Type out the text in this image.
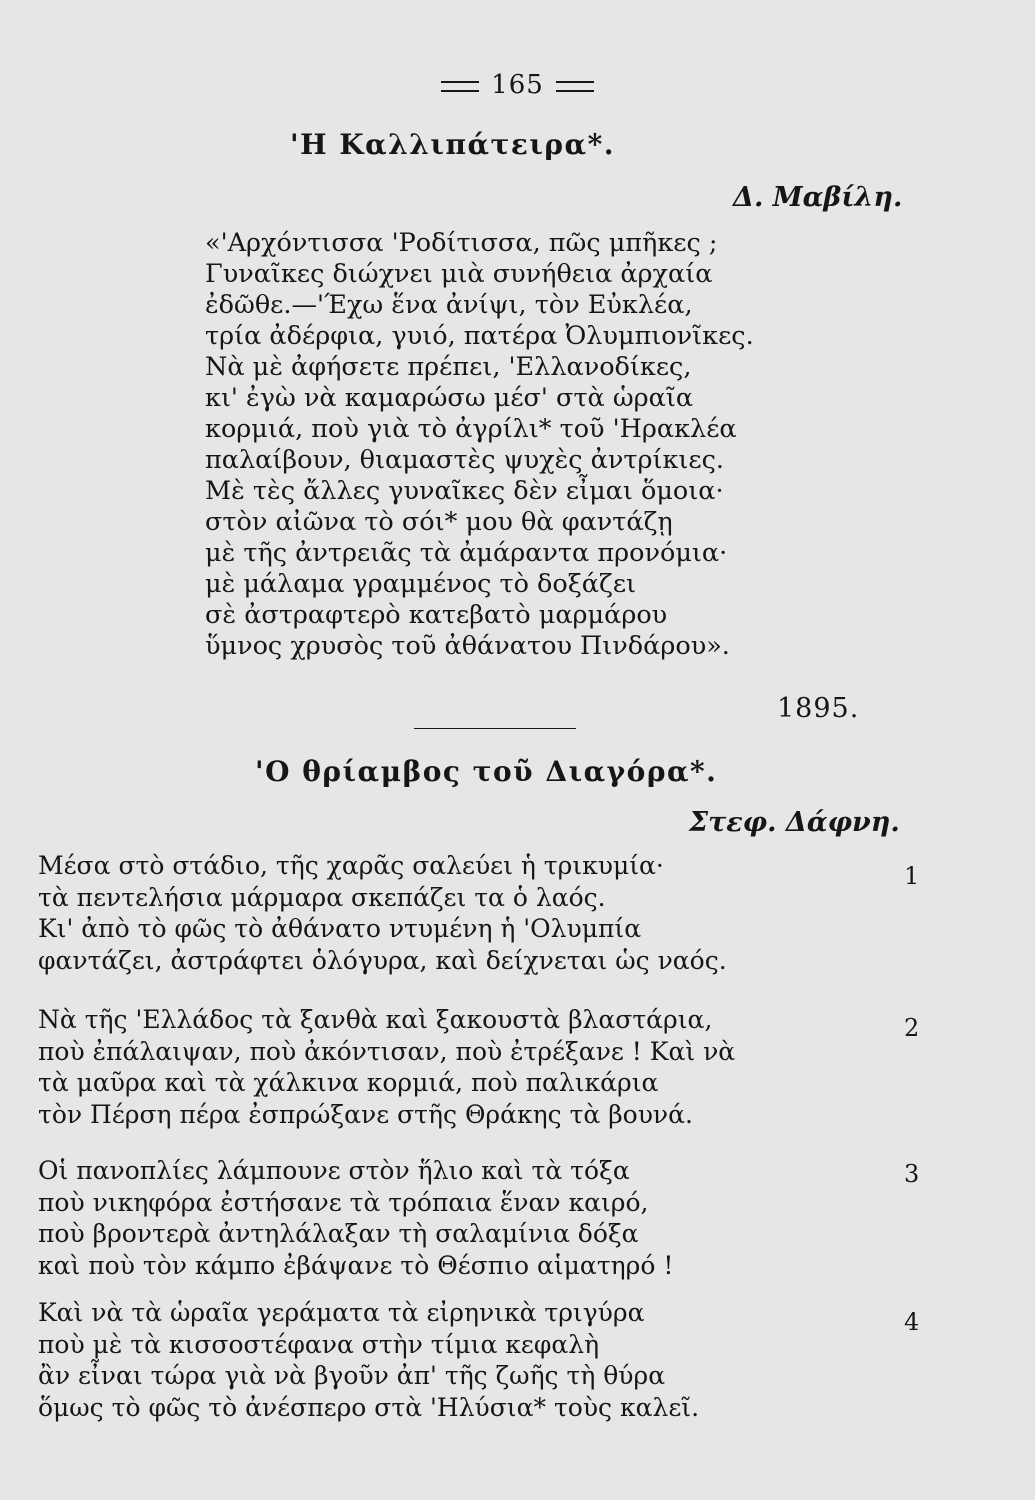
165
'Η Καλλιπάτειρα*.
Δ. Μαβίλη.
«'Αρχόντισσα 'Ροδίτισσα, πῶς μπῆκες ;
Γυναῖκες διώχνει μιὰ συνήθεια ἀρχαία
ἐδῶθε.—'Έχω ἕνα ἀνίψι, τὸν Εὐκλέα,
τρία ἀδέρφια, γυιό, πατέρα Ὀλυμπιονῖκες.
Νὰ μὲ ἀφήσετε πρέπει, 'Ελλανοδίκες,
κι' ἐγὼ νὰ καμαρώσω μέσ' στὰ ὡραῖα
κορμιά, ποὺ γιὰ τὸ ἀγρίλι* τοῦ 'Ηρακλέα
παλαίβουν, θιαμαστὲς ψυχὲς ἀντρίκιες.
Μὲ τὲς ἄλλες γυναῖκες δὲν εἶμαι ὅμοια·
στὸν αἰῶνα τὸ σόι* μου θὰ φαντάζῃ
μὲ τῆς ἀντρειᾶς τὰ ἀμάραντα προνόμια·
μὲ μάλαμα γραμμένος τὸ δοξάζει
σὲ ἀστραφτερὸ κατεβατὸ μαρμάρου
ὕμνος χρυσὸς τοῦ ἀθάνατου Πινδάρου».
1895.
'Ο θρίαμβος τοῦ Διαγόρα*.
Στεφ. Δάφνη.
Μέσα στὸ στάδιο, τῆς χαρᾶς σαλεύει ἡ τρικυμία·
τὰ πεντελήσια μάρμαρα σκεπάζει τα ὁ λαός.
Κι' ἀπὸ τὸ φῶς τὸ ἀθάνατο ντυμένη ἡ 'Ολυμπία
φαντάζει, ἀστράφτει ὁλόγυρα, καὶ δείχνεται ὡς ναός.
1
Νὰ τῆς 'Ελλάδος τὰ ξανθὰ καὶ ξακουστὰ βλαστάρια,
ποὺ ἐπάλαιψαν, ποὺ ἀκόντισαν, ποὺ ἐτρέξανε ! Καὶ νὰ
τὰ μαῦρα καὶ τὰ χάλκινα κορμιά, ποὺ παλικάρια
τὸν Πέρση πέρα ἐσπρώξανε στῆς Θράκης τὰ βουνά.
2
Οἱ πανοπλίες λάμπουνε στὸν ἥλιο καὶ τὰ τόξα
ποὺ νικηφόρα ἐστήσανε τὰ τρόπαια ἕναν καιρό,
ποὺ βροντερὰ ἀντηλάλαξαν τὴ σαλαμίνια δόξα
καὶ ποὺ τὸν κάμπο ἐβάψανε τὸ Θέσπιο αἱματηρό !
3
Καὶ νὰ τὰ ὡραῖα γεράματα τὰ εἰρηνικὰ τριγύρα
ποὺ μὲ τὰ κισσοστέφανα στὴν τίμια κεφαλὴ
ἂν εἶναι τώρα γιὰ νὰ βγοῦν ἀπ' τῆς ζωῆς τὴ θύρα
ὅμως τὸ φῶς τὸ ἀνέσπερο στὰ 'Ηλύσια* τοὺς καλεῖ.
4
